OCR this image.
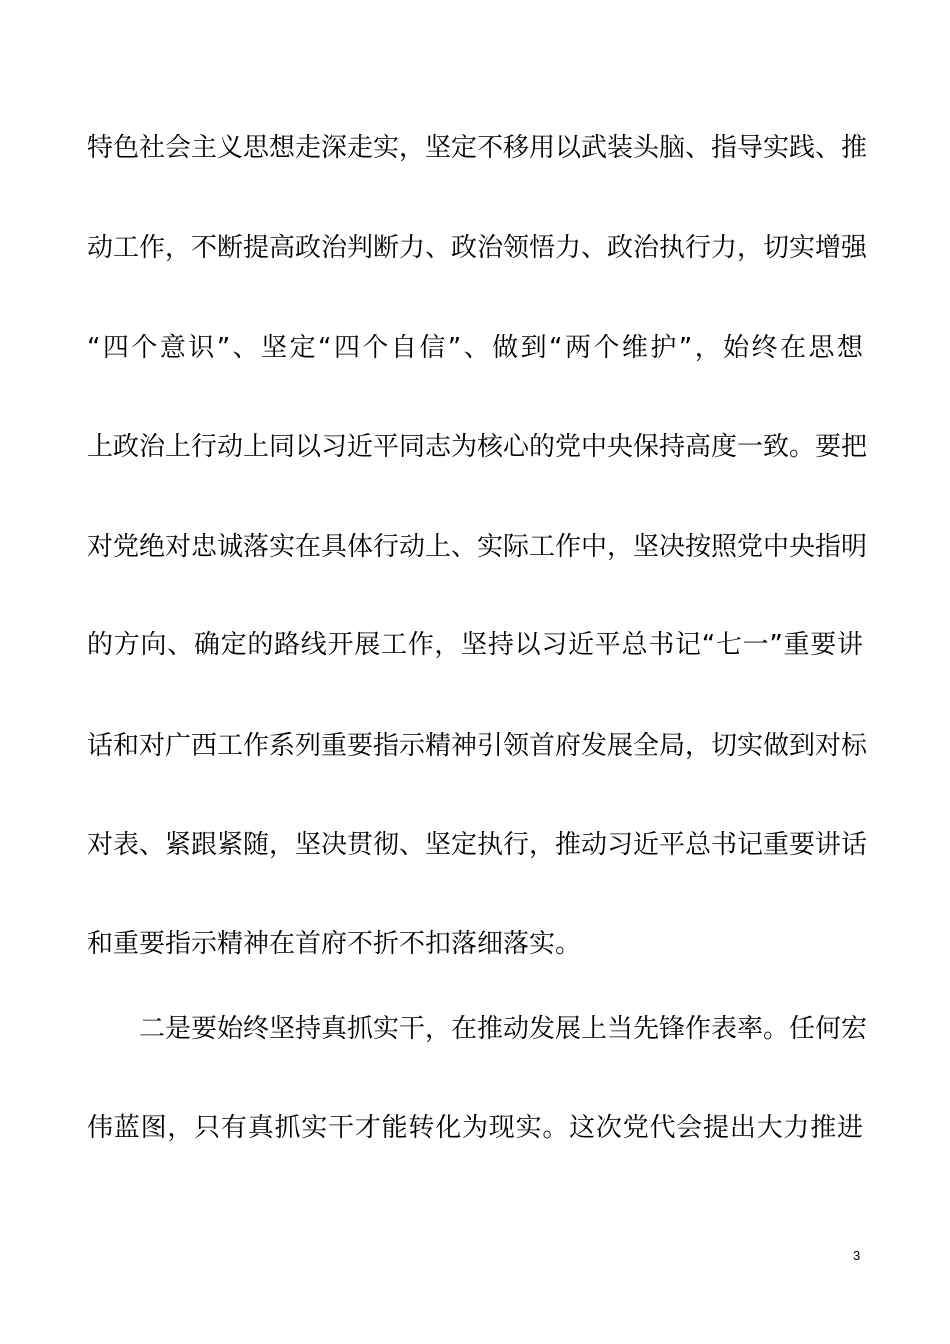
特色社会主义思想走深走实，坚定不移用以武装头脑、指导实践、推
动工作，不断提高政治判断力、政治领悟力、政治执行力，切实增强
“四个意识”、坚定“四个自信”、做到“两个维护”，始终在思想
上政治上行动上同以习近平同志为核心的党中央保持高度一致。要把
对党绝对忠诚落实在具体行动上、实际工作中，坚决按照党中央指明
的方向、确定的路线开展工作，坚持以习近平总书记“七一”重要讲
话和对广西工作系列重要指示精神引领首府发展全局，切实做到对标
对表、紧跟紧随，坚决贯彻、坚定执行，推动习近平总书记重要讲话
和重要指示精神在首府不折不扣落细落实。
二是要始终坚持真抓实干，在推动发展上当先锋作表率。任何宏
伟蓝图，只有真抓实干才能转化为现实。这次党代会提出大力推进
3
